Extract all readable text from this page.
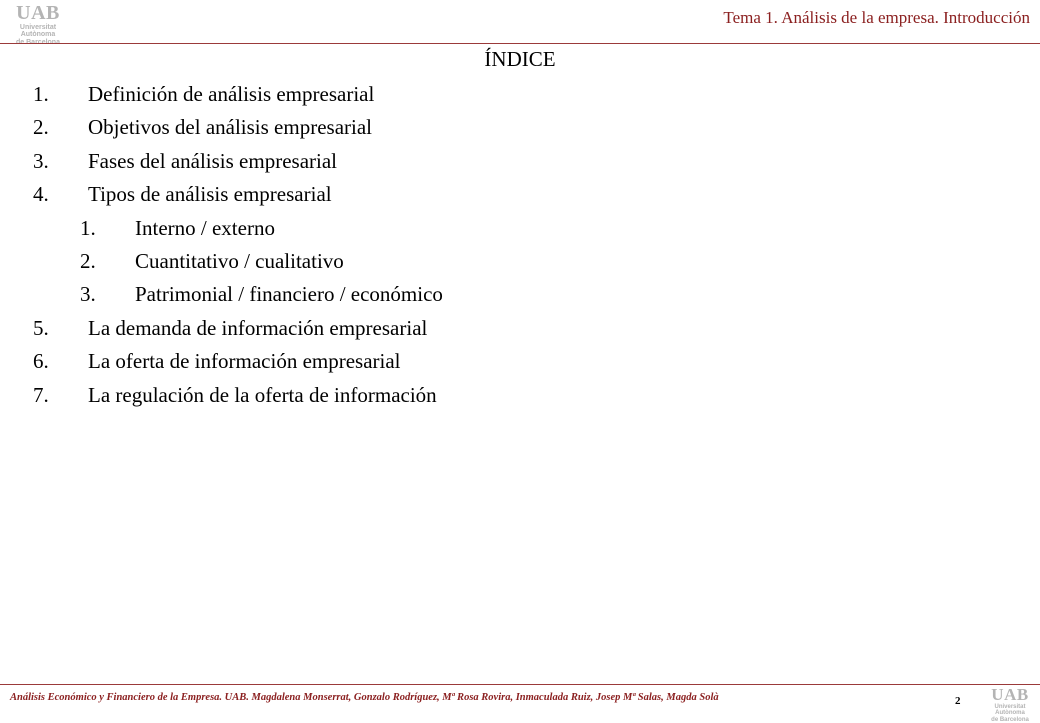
UAB
Universitat Autònoma
de Barcelona
Tema 1. Análisis de la empresa. Introducción
ÍNDICE
1. Definición de análisis empresarial
2. Objetivos del análisis empresarial
3. Fases del análisis empresarial
4. Tipos de análisis empresarial
1. Interno / externo
2. Cuantitativo / cualitativo
3. Patrimonial / financiero / económico
5. La demanda de información empresarial
6. La oferta de información empresarial
7. La regulación de la oferta de información
Análisis Económico y Financiero de la Empresa. UAB. Magdalena Monserrat, Gonzalo Rodríguez, Mª Rosa Rovira, Inmaculada Ruiz, Josep Mª Salas, Magda Solà	2	UAB
Universitat Autònoma
de Barcelona
